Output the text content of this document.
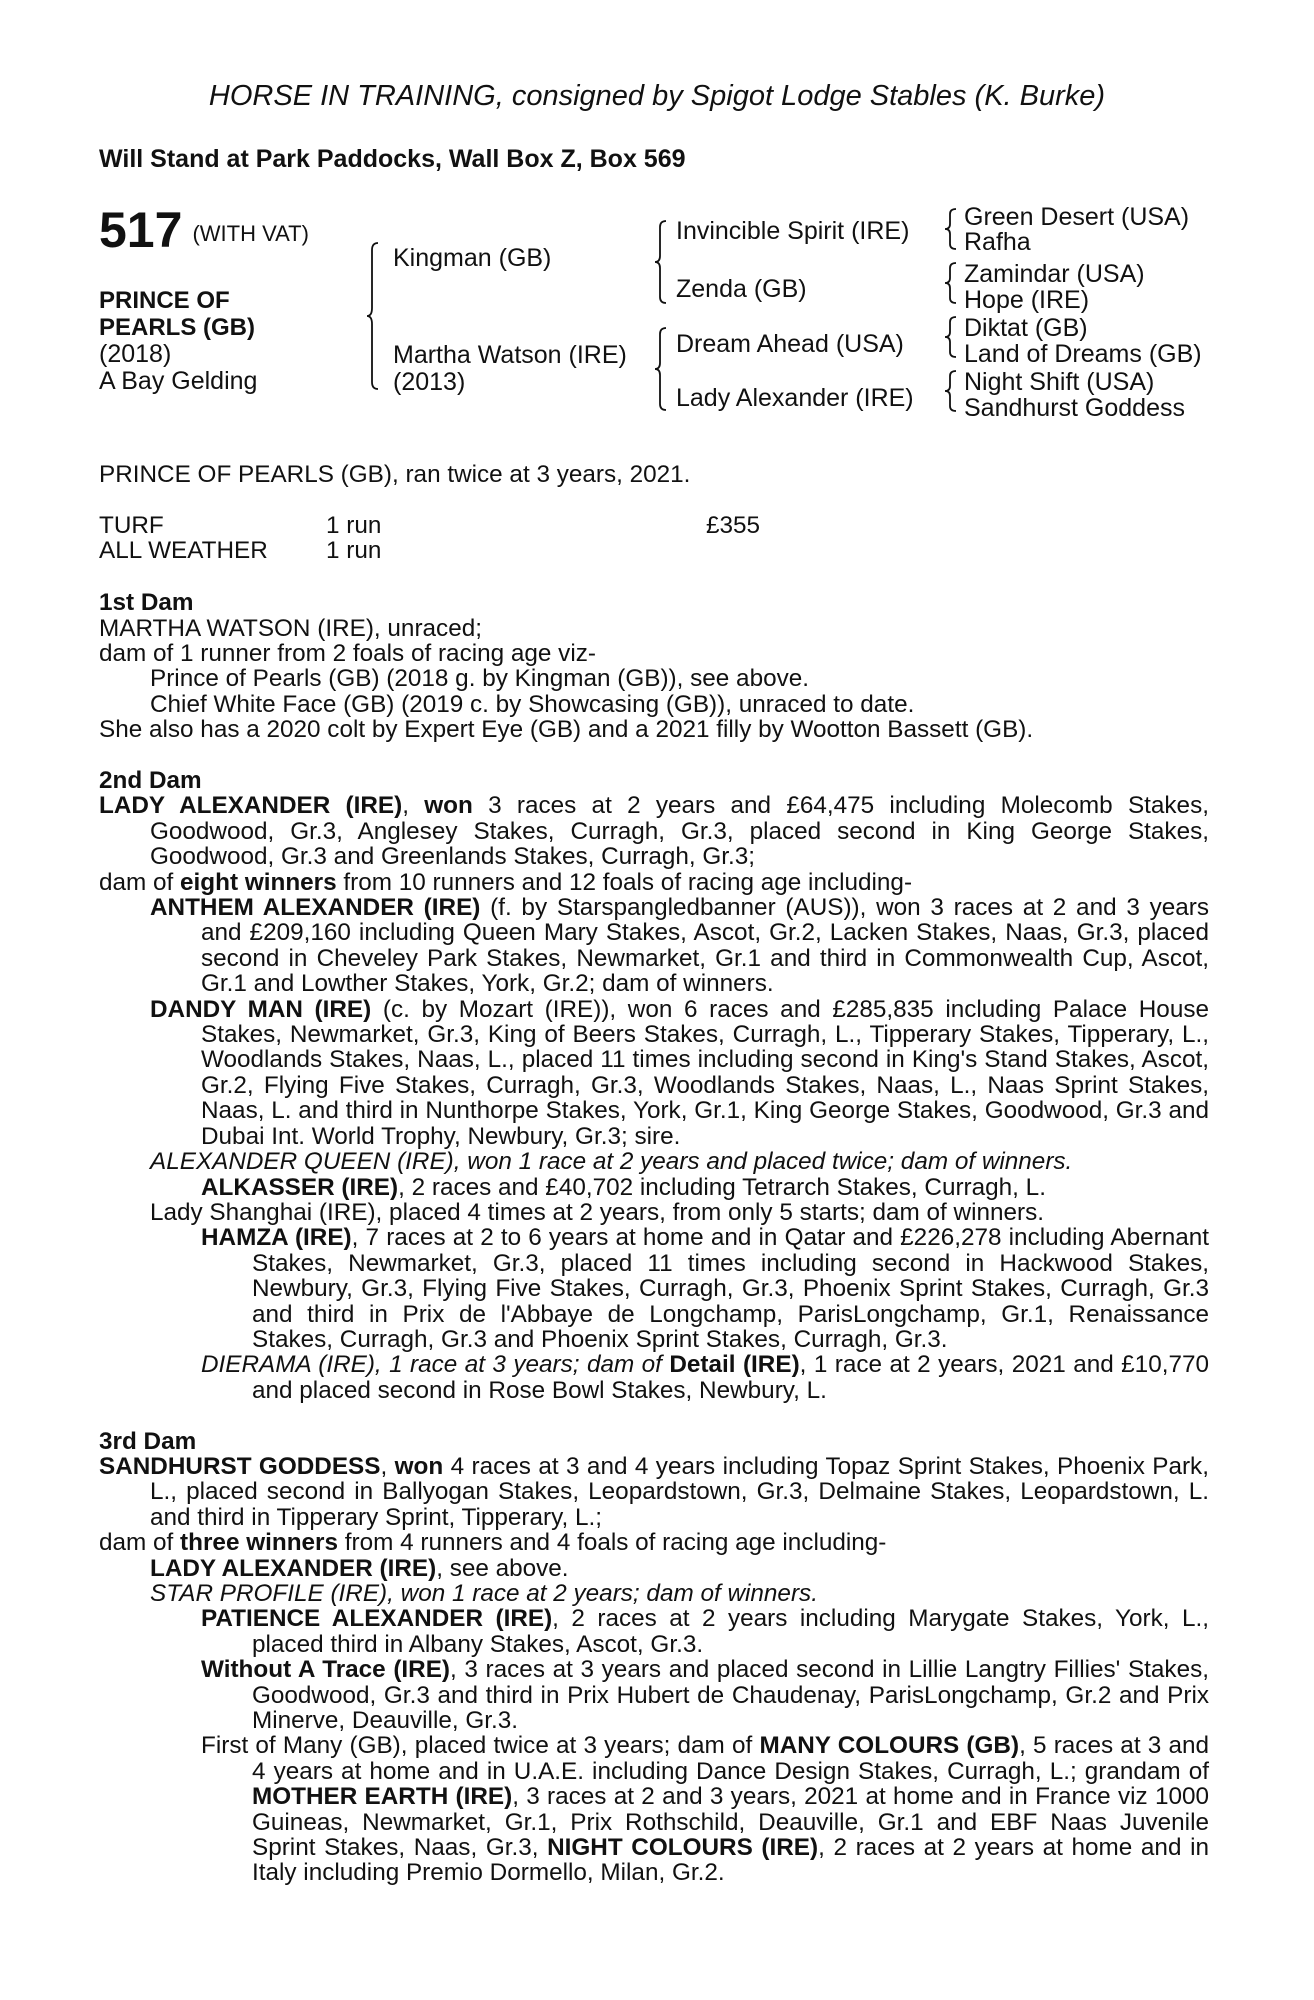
HORSE IN TRAINING, consigned by Spigot Lodge Stables (K. Burke)
Will Stand at Park Paddocks, Wall Box Z, Box 569
517 (WITH VAT)
PRINCE OF
PEARLS (GB)
(2018)
A Bay Gelding
Kingman (GB)
Martha Watson (IRE)
(2013)
Invincible Spirit (IRE)
Zenda (GB)
Dream Ahead (USA)
Lady Alexander (IRE)
Green Desert (USA)
Rafha
Zamindar (USA)
Hope (IRE)
Diktat (GB)
Land of Dreams (GB)
Night Shift (USA)
Sandhurst Goddess

PRINCE OF PEARLS (GB), ran twice at 3 years, 2021.

TURF	1 run	£355
ALL WEATHER 1 run

1st Dam

MARTHA WATSON (IRE), unraced;

dam of 1 runner from 2 foals of racing age viz-

Prince of Pearls (GB) (2018 g. by Kingman (GB)), see above.

Chief White Face (GB) (2019 c. by Showcasing (GB)), unraced to date.

She also has a 2020 colt by Expert Eye (GB) and a 2021 filly by Wootton Bassett (GB).

2nd Dam

LADY ALEXANDER (IRE), won 3 races at 2 years and £64,475 including Molecomb Stakes, Goodwood, Gr.3, Anglesey Stakes, Curragh, Gr.3, placed second in King George Stakes, Goodwood, Gr.3 and Greenlands Stakes, Curragh, Gr.3;

dam of eight winners from 10 runners and 12 foals of racing age including-

ANTHEM ALEXANDER (IRE) (f. by Starspangledbanner (AUS)), won 3 races at 2 and 3 years and £209,160 including Queen Mary Stakes, Ascot, Gr.2, Lacken Stakes, Naas, Gr.3, placed second in Cheveley Park Stakes, Newmarket, Gr.1 and third in Commonwealth Cup, Ascot, Gr.1 and Lowther Stakes, York, Gr.2; dam of winners.

DANDY MAN (IRE) (c. by Mozart (IRE)), won 6 races and £285,835 including Palace House Stakes, Newmarket, Gr.3, King of Beers Stakes, Curragh, L., Tipperary Stakes, Tipperary, L., Woodlands Stakes, Naas, L., placed 11 times including second in King's Stand Stakes, Ascot, Gr.2, Flying Five Stakes, Curragh, Gr.3, Woodlands Stakes, Naas, L., Naas Sprint Stakes, Naas, L. and third in Nunthorpe Stakes, York, Gr.1, King George Stakes, Goodwood, Gr.3 and Dubai Int. World Trophy, Newbury, Gr.3; sire.

ALEXANDER QUEEN (IRE), won 1 race at 2 years and placed twice; dam of winners.

ALKASSER (IRE), 2 races and £40,702 including Tetrarch Stakes, Curragh, L.

Lady Shanghai (IRE), placed 4 times at 2 years, from only 5 starts; dam of winners.

HAMZA (IRE), 7 races at 2 to 6 years at home and in Qatar and £226,278 including Abernant Stakes, Newmarket, Gr.3, placed 11 times including second in Hackwood Stakes, Newbury, Gr.3, Flying Five Stakes, Curragh, Gr.3, Phoenix Sprint Stakes, Curragh, Gr.3 and third in Prix de l'Abbaye de Longchamp, ParisLongchamp, Gr.1, Renaissance Stakes, Curragh, Gr.3 and Phoenix Sprint Stakes, Curragh, Gr.3.

DIERAMA (IRE), 1 race at 3 years; dam of Detail (IRE), 1 race at 2 years, 2021 and £10,770 and placed second in Rose Bowl Stakes, Newbury, L.

3rd Dam

SANDHURST GODDESS, won 4 races at 3 and 4 years including Topaz Sprint Stakes, Phoenix Park, L., placed second in Ballyogan Stakes, Leopardstown, Gr.3, Delmaine Stakes, Leopardstown, L. and third in Tipperary Sprint, Tipperary, L.;

dam of three winners from 4 runners and 4 foals of racing age including-

LADY ALEXANDER (IRE), see above.

STAR PROFILE (IRE), won 1 race at 2 years; dam of winners.

PATIENCE ALEXANDER (IRE), 2 races at 2 years including Marygate Stakes, York, L., placed third in Albany Stakes, Ascot, Gr.3.

Without A Trace (IRE), 3 races at 3 years and placed second in Lillie Langtry Fillies' Stakes, Goodwood, Gr.3 and third in Prix Hubert de Chaudenay, ParisLongchamp, Gr.2 and Prix Minerve, Deauville, Gr.3.

First of Many (GB), placed twice at 3 years; dam of MANY COLOURS (GB), 5 races at 3 and 4 years at home and in U.A.E. including Dance Design Stakes, Curragh, L.; grandam of MOTHER EARTH (IRE), 3 races at 2 and 3 years, 2021 at home and in France viz 1000 Guineas, Newmarket, Gr.1, Prix Rothschild, Deauville, Gr.1 and EBF Naas Juvenile Sprint Stakes, Naas, Gr.3, NIGHT COLOURS (IRE), 2 races at 2 years at home and in Italy including Premio Dormello, Milan, Gr.2.
